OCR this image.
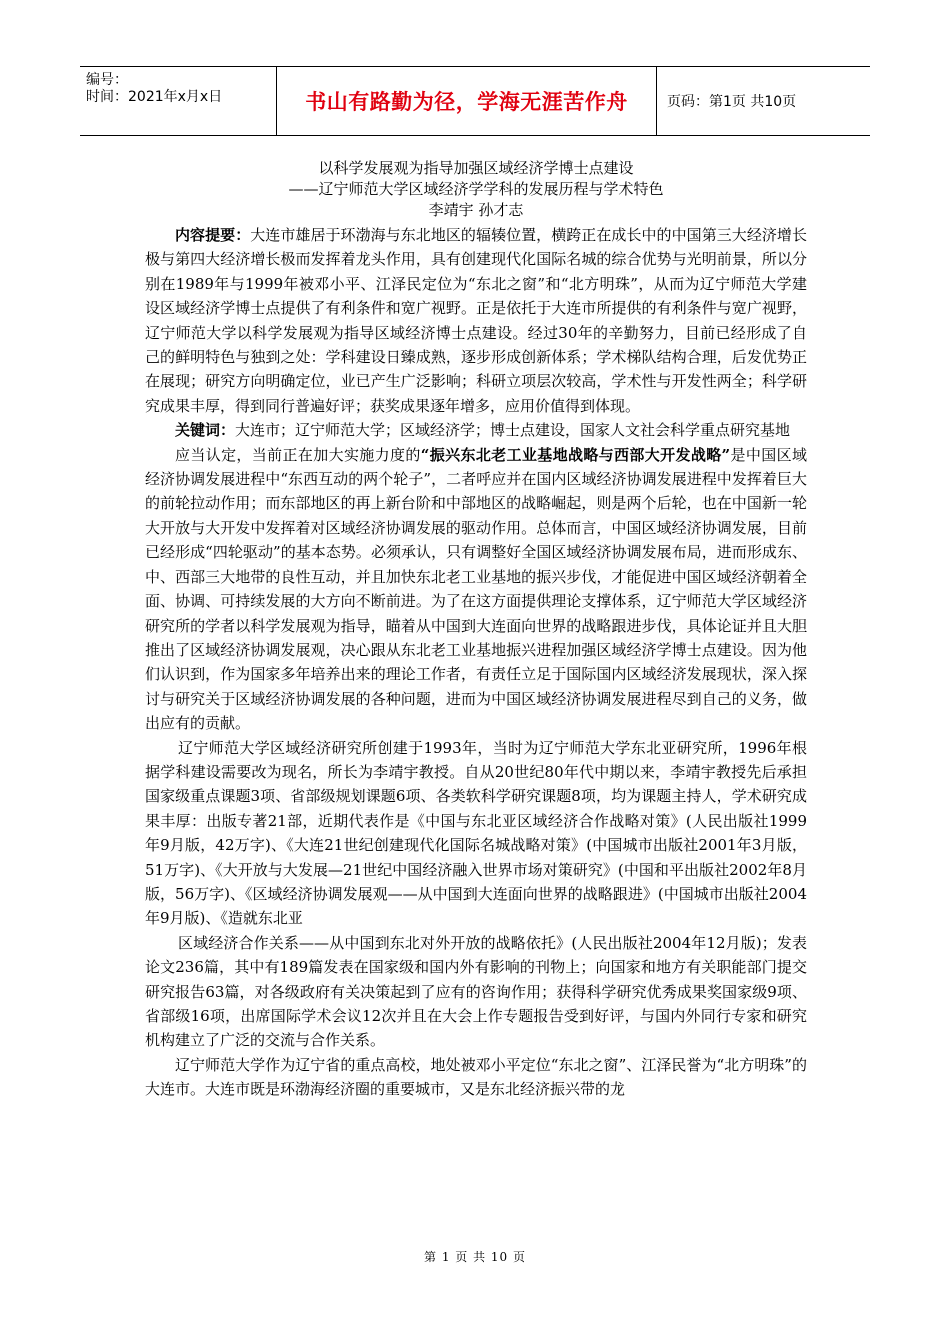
编号：
时间：2021年x月x日	书山有路勤为径，学海无涯苦作舟	页码：第1页 共10页
以科学发展观为指导加强区域经济学博士点建设
——辽宁师范大学区域经济学学科的发展历程与学术特色
李靖宇 孙才志

内容提要：大连市雄居于环渤海与东北地区的辐辏位置，横跨正在成长中的中国第三大经济增长极与第四大经济增长极而发挥着龙头作用，具有创建现代化国际名城的综合优势与光明前景，所以分别在1989年与1999年被邓小平、江泽民定位为“东北之窗”和“北方明珠”，从而为辽宁师范大学建设区域经济学博士点提供了有利条件和宽广视野。正是依托于大连市所提供的有利条件与宽广视野，辽宁师范大学以科学发展观为指导区域经济博士点建设。经过30年的辛勤努力，目前已经形成了自己的鲜明特色与独到之处：学科建设日臻成熟，逐步形成创新体系；学术梯队结构合理，后发优势正在展现；研究方向明确定位，业已产生广泛影响；科研立项层次较高，学术性与开发性两全；科学研究成果丰厚，得到同行普遍好评；获奖成果逐年增多，应用价值得到体现。

关键词：大连市；辽宁师范大学；区域经济学；博士点建设，国家人文社会科学重点研究基地

应当认定，当前正在加大实施力度的“振兴东北老工业基地战略与西部大开发战略”是中国区域经济协调发展进程中“东西互动的两个轮子”，二者呼应并在国内区域经济协调发展进程中发挥着巨大的前轮拉动作用；而东部地区的再上新台阶和中部地区的战略崛起，则是两个后轮，也在中国新一轮大开放与大开发中发挥着对区域经济协调发展的驱动作用。总体而言，中国区域经济协调发展，目前已经形成“四轮驱动”的基本态势。必须承认，只有调整好全国区域经济协调发展布局，进而形成东、中、西部三大地带的良性互动，并且加快东北老工业基地的振兴步伐，才能促进中国区域经济朝着全面、协调、可持续发展的大方向不断前进。为了在这方面提供理论支撑体系，辽宁师范大学区域经济研究所的学者以科学发展观为指导，瞄着从中国到大连面向世界的战略跟进步伐，具体论证并且大胆推出了区域经济协调发展观，决心跟从东北老工业基地振兴进程加强区域经济学博士点建设。因为他们认识到，作为国家多年培养出来的理论工作者，有责任立足于国际国内区域经济发展现状，深入探讨与研究关于区域经济协调发展的各种问题，进而为中国区域经济协调发展进程尽到自己的义务，做出应有的贡献。

辽宁师范大学区域经济研究所创建于1993年，当时为辽宁师范大学东北亚研究所，1996年根据学科建设需要改为现名，所长为李靖宇教授。自从20世纪80年代中期以来，李靖宇教授先后承担国家级重点课题3项、省部级规划课题6项、各类软科学研究课题8项，均为课题主持人，学术研究成果丰厚：出版专著21部，近期代表作是《中国与东北亚区域经济合作战略对策》(人民出版社1999年9月版，42万字)、《大连21世纪创建现代化国际名城战略对策》(中国城市出版社2001年3月版，51万字)、《大开放与大发展—21世纪中国经济融入世界市场对策研究》(中国和平出版社2002年8月版，56万字)、《区域经济协调发展观——从中国到大连面向世界的战略跟进》(中国城市出版社2004年9月版)、《造就东北亚

区域经济合作关系——从中国到东北对外开放的战略依托》(人民出版社2004年12月版)；发表论文236篇，其中有189篇发表在国家级和国内外有影响的刊物上；向国家和地方有关职能部门提交研究报告63篇，对各级政府有关决策起到了应有的咨询作用；获得科学研究优秀成果奖国家级9项、省部级16项，出席国际学术会议12次并且在大会上作专题报告受到好评，与国内外同行专家和研究机构建立了广泛的交流与合作关系。

辽宁师范大学作为辽宁省的重点高校，地处被邓小平定位“东北之窗”、江泽民誉为“北方明珠”的大连市。大连市既是环渤海经济圈的重要城市，又是东北经济振兴带的龙

第 1 页 共 10 页
